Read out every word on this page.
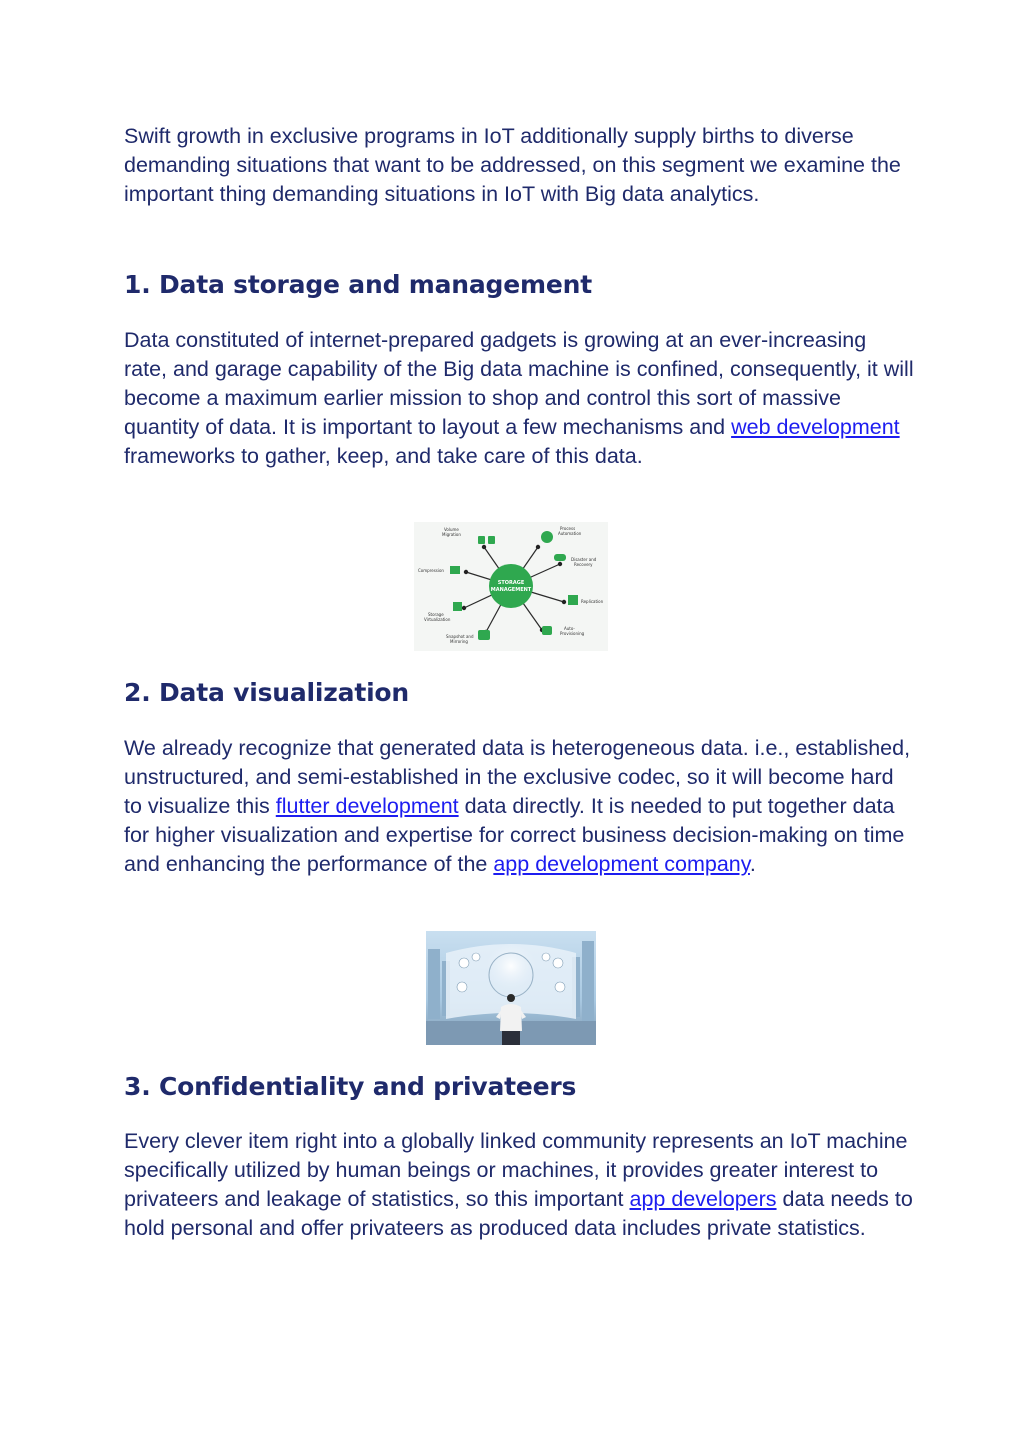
Swift growth in exclusive programs in IoT additionally supply births to diverse demanding situations that want to be addressed, on this segment we examine the important thing demanding situations in IoT with Big data analytics.

1. Data storage and management

Data constituted of internet-prepared gadgets is growing at an ever-increasing rate, and garage capability of the Big data machine is confined, consequently, it will become a maximum earlier mission to shop and control this sort of massive quantity of data. It is important to layout a few mechanisms and web development frameworks to gather, keep, and take care of this data.

STORAGE
MANAGEMENT
Volume
Migration
Process
Automation
Disaster and
Recovery
Compression
Replication
Storage
Virtualization
Auto-
Provisioning
Snapshot and
Mirroring
2. Data visualization

We already recognize that generated data is heterogeneous data. i.e., established, unstructured, and semi-established in the exclusive codec, so it will become hard to visualize this flutter development data directly. It is needed to put together data for higher visualization and expertise for correct business decision-making on time and enhancing the performance of the app development company.

3. Confidentiality and privateers

Every clever item right into a globally linked community represents an IoT machine specifically utilized by human beings or machines, it provides greater interest to privateers and leakage of statistics, so this important app developers data needs to hold personal and offer privateers as produced data includes private statistics.
